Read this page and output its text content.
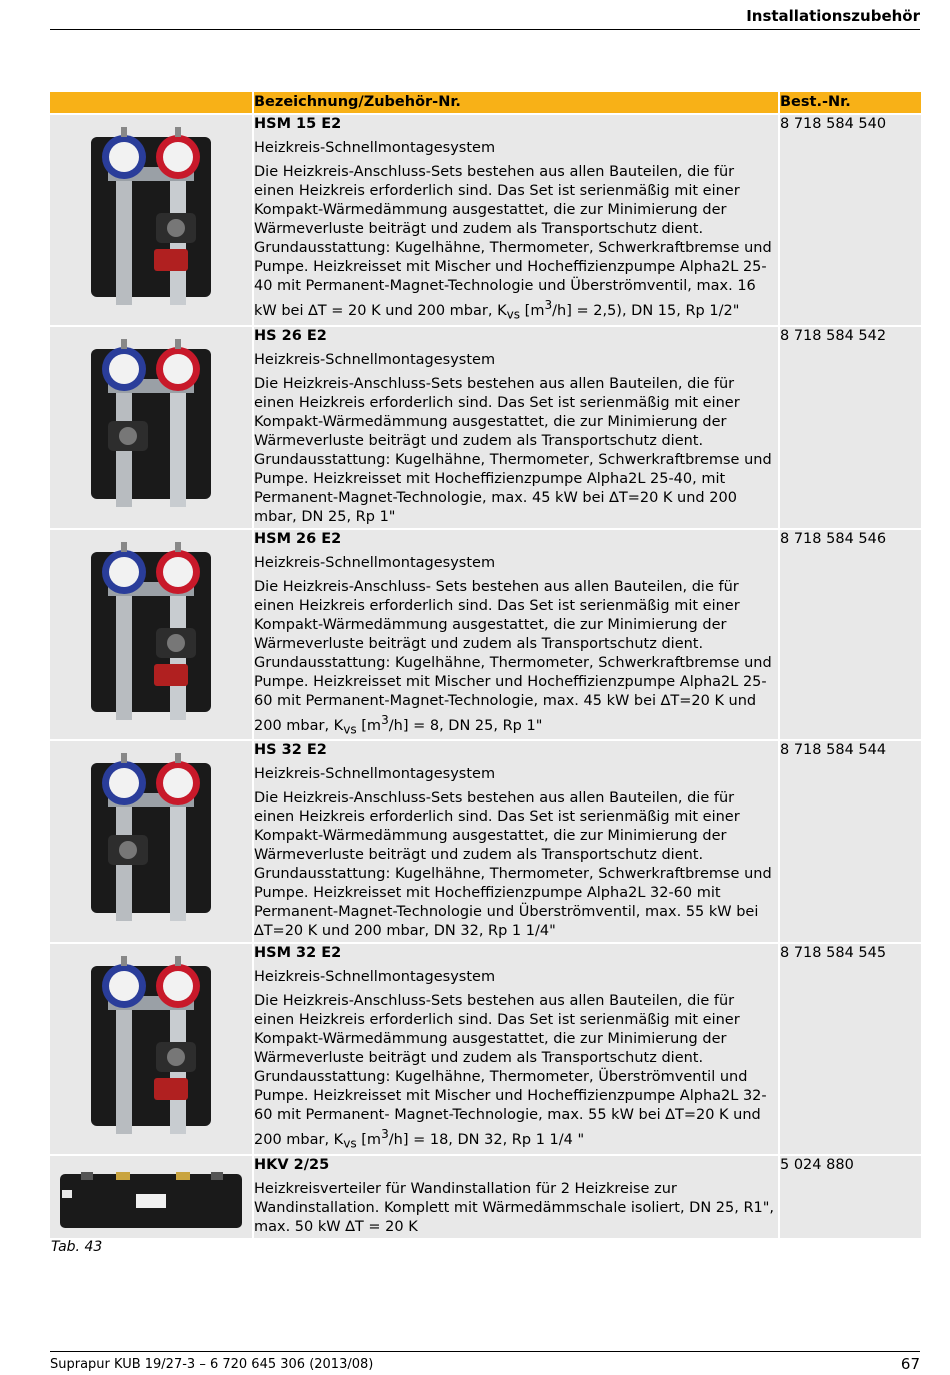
Installationszubehör
	Bezeichnung/Zubehör-Nr.	Best.-Nr.

HSM 15 E2
Heizkreis-Schnellmontagesystem
Die Heizkreis-Anschluss-Sets bestehen aus allen Bauteilen, die für einen Heizkreis erforderlich sind. Das Set ist serienmäßig mit einer Kompakt-Wärmedämmung ausgestattet, die zur Minimierung der Wärmeverluste beiträgt und zudem als Transportschutz dient. Grundausstattung: Kugelhähne, Thermometer, Schwerkraftbremse und Pumpe. Heizkreisset mit Mischer und Hocheffizienzpumpe Alpha2L 25-40 mit Permanent-Magnet-Technologie und Überströmventil, max. 16 kW bei ∆T = 20 K und 200 mbar, $K_{vs}$ $[m^3/h] = 2,5$), DN 15, Rp 1/2"	8 718 584 540

HS 26 E2
Heizkreis-Schnellmontagesystem
Die Heizkreis-Anschluss-Sets bestehen aus allen Bauteilen, die für einen Heizkreis erforderlich sind. Das Set ist serienmäßig mit einer Kompakt-Wärmedämmung ausgestattet, die zur Minimierung der Wärmeverluste beiträgt und zudem als Transportschutz dient. Grundausstattung: Kugelhähne, Thermometer, Schwerkraftbremse und Pumpe. Heizkreisset mit Hocheffizienzpumpe Alpha2L 25-40, mit Permanent-Magnet-Technologie, max. 45 kW bei ∆T=20 K und 200 mbar, DN 25, Rp 1"	8 718 584 542

HSM 26 E2
Heizkreis-Schnellmontagesystem
Die Heizkreis-Anschluss- Sets bestehen aus allen Bauteilen, die für einen Heizkreis erforderlich sind. Das Set ist serienmäßig mit einer Kompakt-Wärmedämmung ausgestattet, die zur Minimierung der Wärmeverluste beiträgt und zudem als Transportschutz dient. Grundausstattung: Kugelhähne, Thermometer, Schwerkraftbremse und Pumpe. Heizkreisset mit Mischer und Hocheffizienzpumpe Alpha2L 25-60 mit Permanent-Magnet-Technologie, max. 45 kW bei ∆T=20 K und 200 mbar, $K_{vs}$ $[m^3/h] = 8$, DN 25, Rp 1"	8 718 584 546

HS 32 E2
Heizkreis-Schnellmontagesystem
Die Heizkreis-Anschluss-Sets bestehen aus allen Bauteilen, die für einen Heizkreis erforderlich sind. Das Set ist serienmäßig mit einer Kompakt-Wärmedämmung ausgestattet, die zur Minimierung der Wärmeverluste beiträgt und zudem als Transportschutz dient. Grundausstattung: Kugelhähne, Thermometer, Schwerkraftbremse und Pumpe. Heizkreisset mit Hocheffizienzpumpe Alpha2L 32-60 mit Permanent-Magnet-Technologie und Überströmventil, max. 55 kW bei ∆T=20 K und 200 mbar, DN 32, Rp 1 1/4"	8 718 584 544

HSM 32 E2
Heizkreis-Schnellmontagesystem
Die Heizkreis-Anschluss-Sets bestehen aus allen Bauteilen, die für einen Heizkreis erforderlich sind. Das Set ist serienmäßig mit einer Kompakt-Wärmedämmung ausgestattet, die zur Minimierung der Wärmeverluste beiträgt und zudem als Transportschutz dient. Grundausstattung: Kugelhähne, Thermometer, Überströmventil und Pumpe. Heizkreisset mit Mischer und Hocheffizienzpumpe Alpha2L 32-60 mit Permanent- Magnet-Technologie, max. 55 kW bei ∆T=20 K und 200 mbar, $K_{vs}$ $[m^3/h] = 18$, DN 32, Rp 1 1/4 "	8 718 584 545

HKV 2/25
Heizkreisverteiler für Wandinstallation für 2 Heizkreise zur Wandinstallation. Komplett mit Wärmedämmschale isoliert, DN 25, R1", max. 50 kW ∆T = 20 K	5 024 880
Tab. 43
Suprapur KUB 19/27-3 – 6 720 645 306 (2013/08)	67
